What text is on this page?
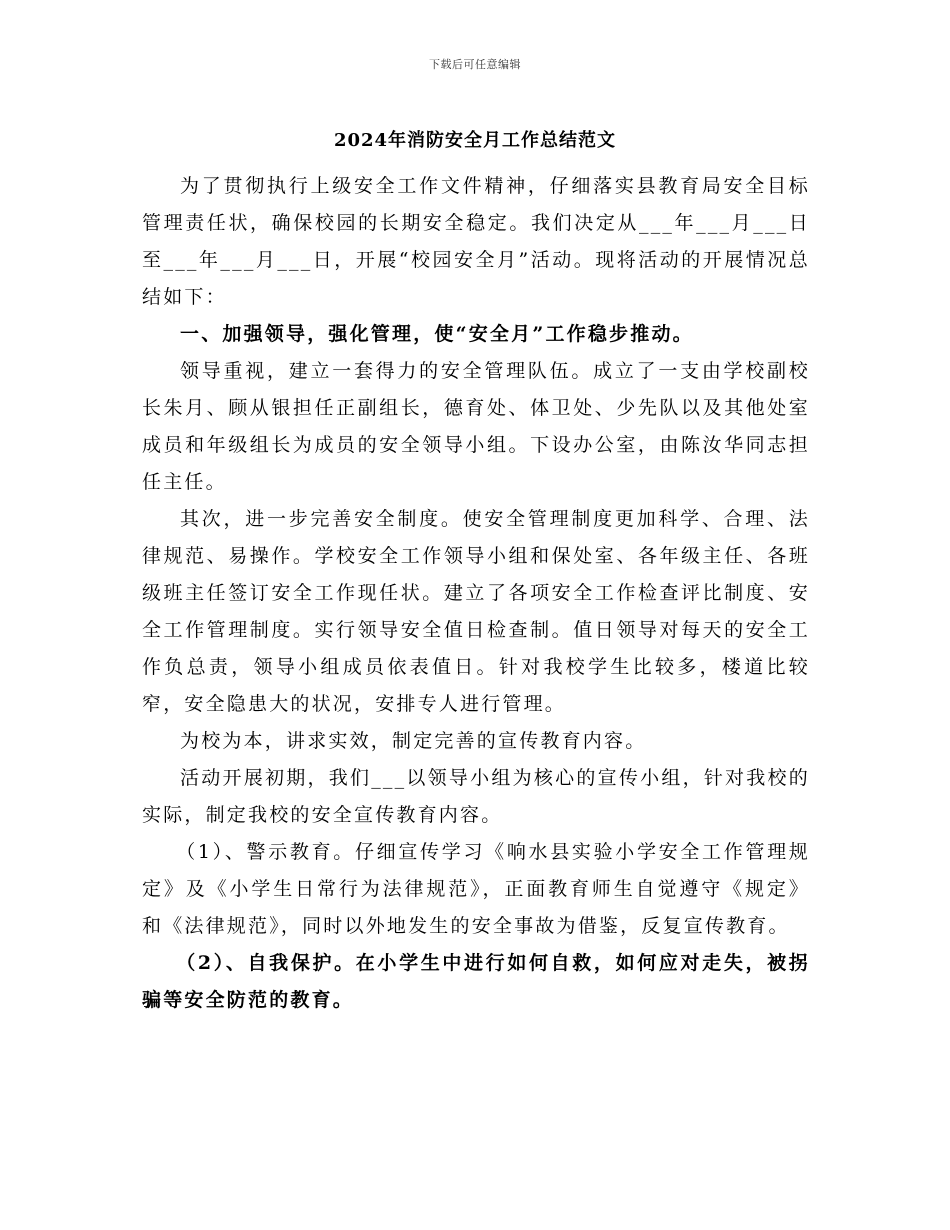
下载后可任意编辑
2024年消防安全月工作总结范文

为了贯彻执行上级安全工作文件精神，仔细落实县教育局安全目标管理责任状，确保校园的长期安全稳定。我们决定从___年___月___日至___年___月___日，开展“校园安全月”活动。现将活动的开展情况总结如下：

一、加强领导，强化管理，使“安全月”工作稳步推动。

领导重视，建立一套得力的安全管理队伍。成立了一支由学校副校长朱月、顾从银担任正副组长，德育处、体卫处、少先队以及其他处室成员和年级组长为成员的安全领导小组。下设办公室，由陈汝华同志担任主任。

其次，进一步完善安全制度。使安全管理制度更加科学、合理、法律规范、易操作。学校安全工作领导小组和保处室、各年级主任、各班级班主任签订安全工作现任状。建立了各项安全工作检查评比制度、安全工作管理制度。实行领导安全值日检查制。值日领导对每天的安全工作负总责，领导小组成员依表值日。针对我校学生比较多，楼道比较窄，安全隐患大的状况，安排专人进行管理。

为校为本，讲求实效，制定完善的宣传教育内容。

活动开展初期，我们___以领导小组为核心的宣传小组，针对我校的实际，制定我校的安全宣传教育内容。

（1）、警示教育。仔细宣传学习《响水县实验小学安全工作管理规定》及《小学生日常行为法律规范》，正面教育师生自觉遵守《规定》和《法律规范》，同时以外地发生的安全事故为借鉴，反复宣传教育。

（2）、自我保护。在小学生中进行如何自救，如何应对走失，被拐骗等安全防范的教育。
